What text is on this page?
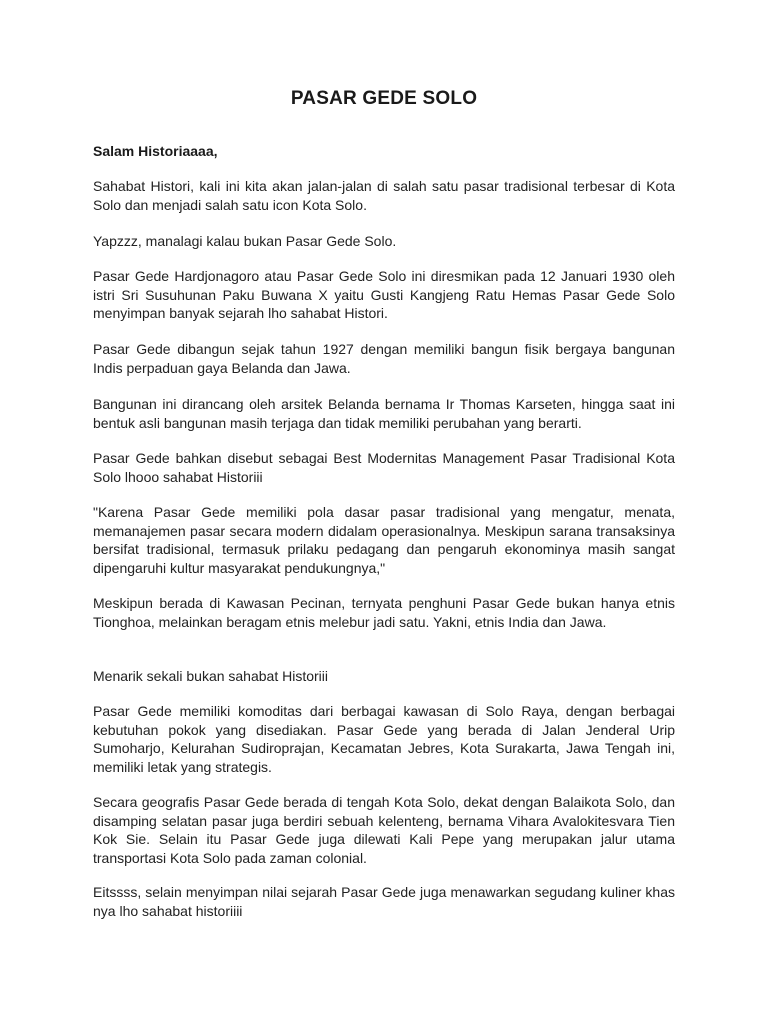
PASAR GEDE SOLO

Salam Historiaaaa,

Sahabat Histori, kali ini kita akan jalan-jalan di salah satu pasar tradisional terbesar di Kota Solo dan menjadi salah satu icon Kota Solo.

Yapzzz, manalagi kalau bukan Pasar Gede Solo.

Pasar Gede Hardjonagoro atau Pasar Gede Solo ini diresmikan pada 12 Januari 1930 oleh istri Sri Susuhunan Paku Buwana X yaitu Gusti Kangjeng Ratu Hemas Pasar Gede Solo menyimpan banyak sejarah lho sahabat Histori.

Pasar Gede dibangun sejak tahun 1927 dengan memiliki bangun fisik bergaya bangunan Indis perpaduan gaya Belanda dan Jawa.

Bangunan ini dirancang oleh arsitek Belanda bernama Ir Thomas Karseten, hingga saat ini bentuk asli bangunan masih terjaga dan tidak memiliki perubahan yang berarti.

Pasar Gede bahkan disebut sebagai Best Modernitas Management Pasar Tradisional Kota Solo lhooo sahabat Historiii

"Karena Pasar Gede memiliki pola dasar pasar tradisional yang mengatur, menata, memanajemen pasar secara modern didalam operasionalnya. Meskipun sarana transaksinya bersifat tradisional, termasuk prilaku pedagang dan pengaruh ekonominya masih sangat dipengaruhi kultur masyarakat pendukungnya,"

Meskipun berada di Kawasan Pecinan, ternyata penghuni Pasar Gede bukan hanya etnis Tionghoa, melainkan beragam etnis melebur jadi satu. Yakni, etnis India dan Jawa.

Menarik sekali bukan sahabat Historiii

Pasar Gede memiliki komoditas dari berbagai kawasan di Solo Raya, dengan berbagai kebutuhan pokok yang disediakan. Pasar Gede yang berada di Jalan Jenderal Urip Sumoharjo, Kelurahan Sudiroprajan, Kecamatan Jebres, Kota Surakarta, Jawa Tengah ini, memiliki letak yang strategis.

Secara geografis Pasar Gede berada di tengah Kota Solo, dekat dengan Balaikota Solo, dan disamping selatan pasar juga berdiri sebuah kelenteng, bernama Vihara Avalokitesvara Tien Kok Sie. Selain itu Pasar Gede juga dilewati Kali Pepe yang merupakan jalur utama transportasi Kota Solo pada zaman colonial.

Eitssss, selain menyimpan nilai sejarah Pasar Gede juga menawarkan segudang kuliner khas nya lho sahabat historiiii
